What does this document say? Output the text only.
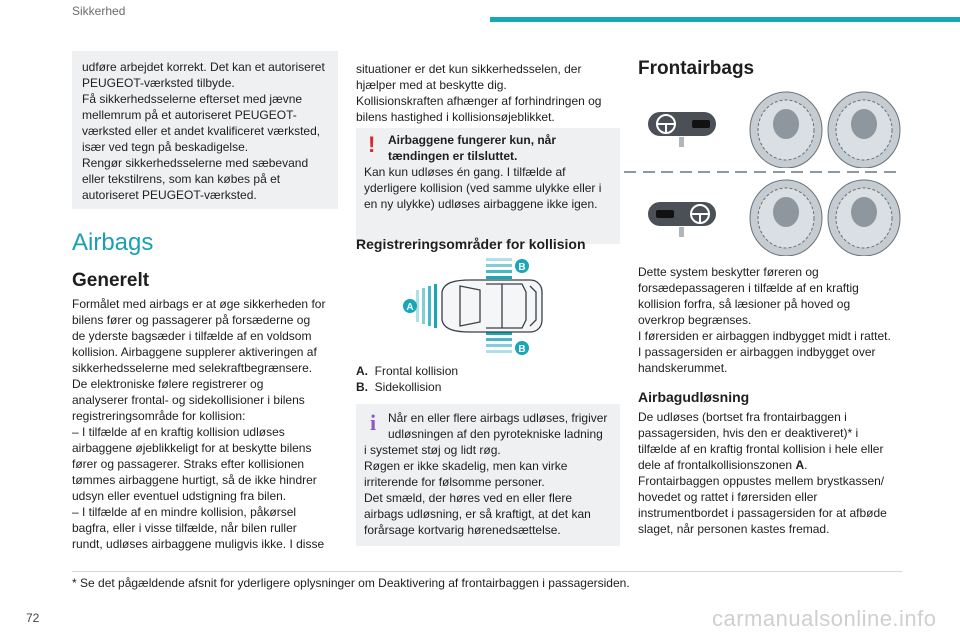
Sikkerhed
udføre arbejdet korrekt. Det kan et autoriseret
PEUGEOT-værksted tilbyde.
Få sikkerhedsselerne efterset med jævne
mellemrum på et autoriseret PEUGEOT-
værksted eller et andet kvalificeret værksted,
især ved tegn på beskadigelse.
Rengør sikkerhedsselerne med sæbevand
eller tekstilrens, som kan købes på et
autoriseret PEUGEOT-værksted.
Airbags
Generelt
Formålet med airbags er at øge sikkerheden for
bilens fører og passagerer på forsæderne og
de yderste bagsæder i tilfælde af en voldsom
kollision. Airbaggene supplerer aktiveringen af
sikkerhedsselerne med selekraftbegrænsere.
De elektroniske følere registrerer og
analyserer frontal- og sidekollisioner i bilens
registreringsområde for kollision:
– I tilfælde af en kraftig kollision udløses
airbaggene øjeblikkeligt for at beskytte bilens
fører og passagerer. Straks efter kollisionen
tømmes airbaggene hurtigt, så de ikke hindrer
udsyn eller eventuel udstigning fra bilen.
– I tilfælde af en mindre kollision, påkørsel
bagfra, eller i visse tilfælde, når bilen ruller
rundt, udløses airbaggene muligvis ikke. I disse
situationer er det kun sikkerhedsselen, der
hjælper med at beskytte dig.
Kollisionskraften afhænger af forhindringen og
bilens hastighed i kollisionsøjeblikket.
! Airbaggene fungerer kun, når
tændingen er tilsluttet.
Kan kun udløses én gang. I tilfælde af
yderligere kollision (ved samme ulykke eller i
en ny ulykke) udløses airbaggene ikke igen.
Registreringsområder for kollision
A
B
B
A. Frontal kollision
B. Sidekollision
i Når en eller flere airbags udløses, frigiver
udløsningen af den pyrotekniske ladning
i systemet støj og lidt røg.
Røgen er ikke skadelig, men kan virke
irriterende for følsomme personer.
Det smæld, der høres ved en eller flere
airbags udløsning, er så kraftigt, at det kan
forårsage kortvarig hørenedsættelse.
Frontairbags
Dette system beskytter føreren og
forsædepassageren i tilfælde af en kraftig
kollision forfra, så læsioner på hoved og
overkrop begrænses.
I førersiden er airbaggen indbygget midt i rattet.
I passagersiden er airbaggen indbygget over
handskerummet.
Airbagudløsning
De udløses (bortset fra frontairbaggen i
passagersiden, hvis den er deaktiveret)* i
tilfælde af en kraftig frontal kollision i hele eller
dele af frontalkollisionszonen A.
Frontairbaggen oppustes mellem brystkassen/
hovedet og rattet i førersiden eller
instrumentbordet i passagersiden for at afbøde
slaget, når personen kastes fremad.
* Se det pågældende afsnit for yderligere oplysninger om Deaktivering af frontairbaggen i passagersiden.
72	carmanualsonline.info
